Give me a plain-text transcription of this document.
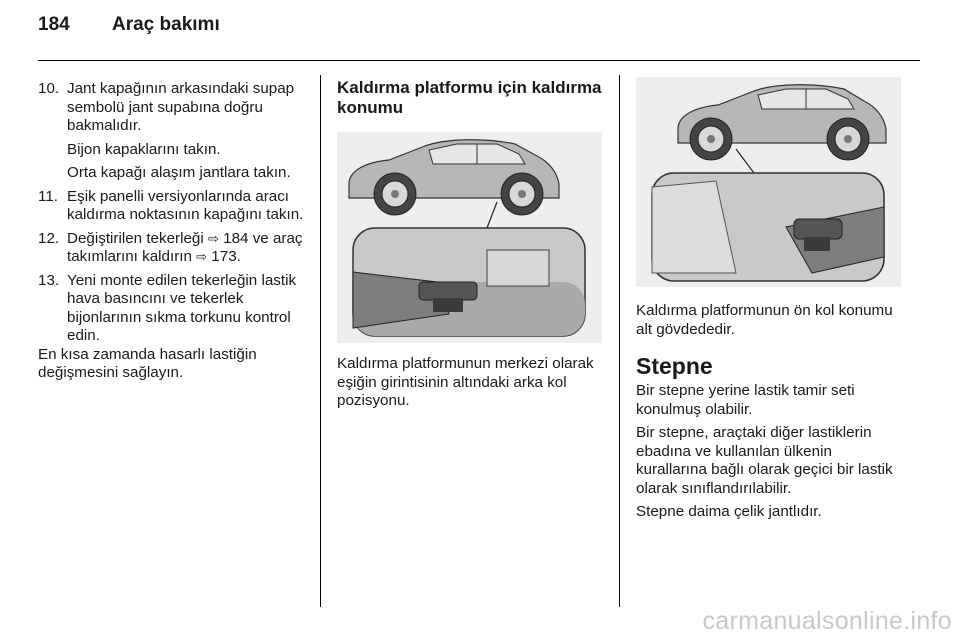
184 Araç bakımı
10. Jant kapağının arkasındaki supap sembolü jant supabına doğru bakmalıdır.

Bijon kapaklarını takın.

Orta kapağı alaşım jantlara takın.

11. Eşik panelli versiyonlarında aracı kaldırma noktasının kapağını takın.

12. Değiştirilen tekerleği ⇨ 184 ve araç takımlarını kaldırın ⇨ 173.

13. Yeni monte edilen tekerleğin lastik hava basıncını ve tekerlek bijonlarının sıkma torkunu kontrol edin.

En kısa zamanda hasarlı lastiğin değişmesini sağlayın.

Kaldırma platformu için kaldırma konumu

Kaldırma platformunun merkezi olarak eşiğin girintisinin altındaki arka kol pozisyonu.

Kaldırma platformunun ön kol konumu alt gövdededir.

Stepne

Bir stepne yerine lastik tamir seti konulmuş olabilir.

Bir stepne, araçtaki diğer lastiklerin ebadına ve kullanılan ülkenin kurallarına bağlı olarak geçici bir lastik olarak sınıflandırılabilir.

Stepne daima çelik jantlıdır.

carmanualsonline.info
